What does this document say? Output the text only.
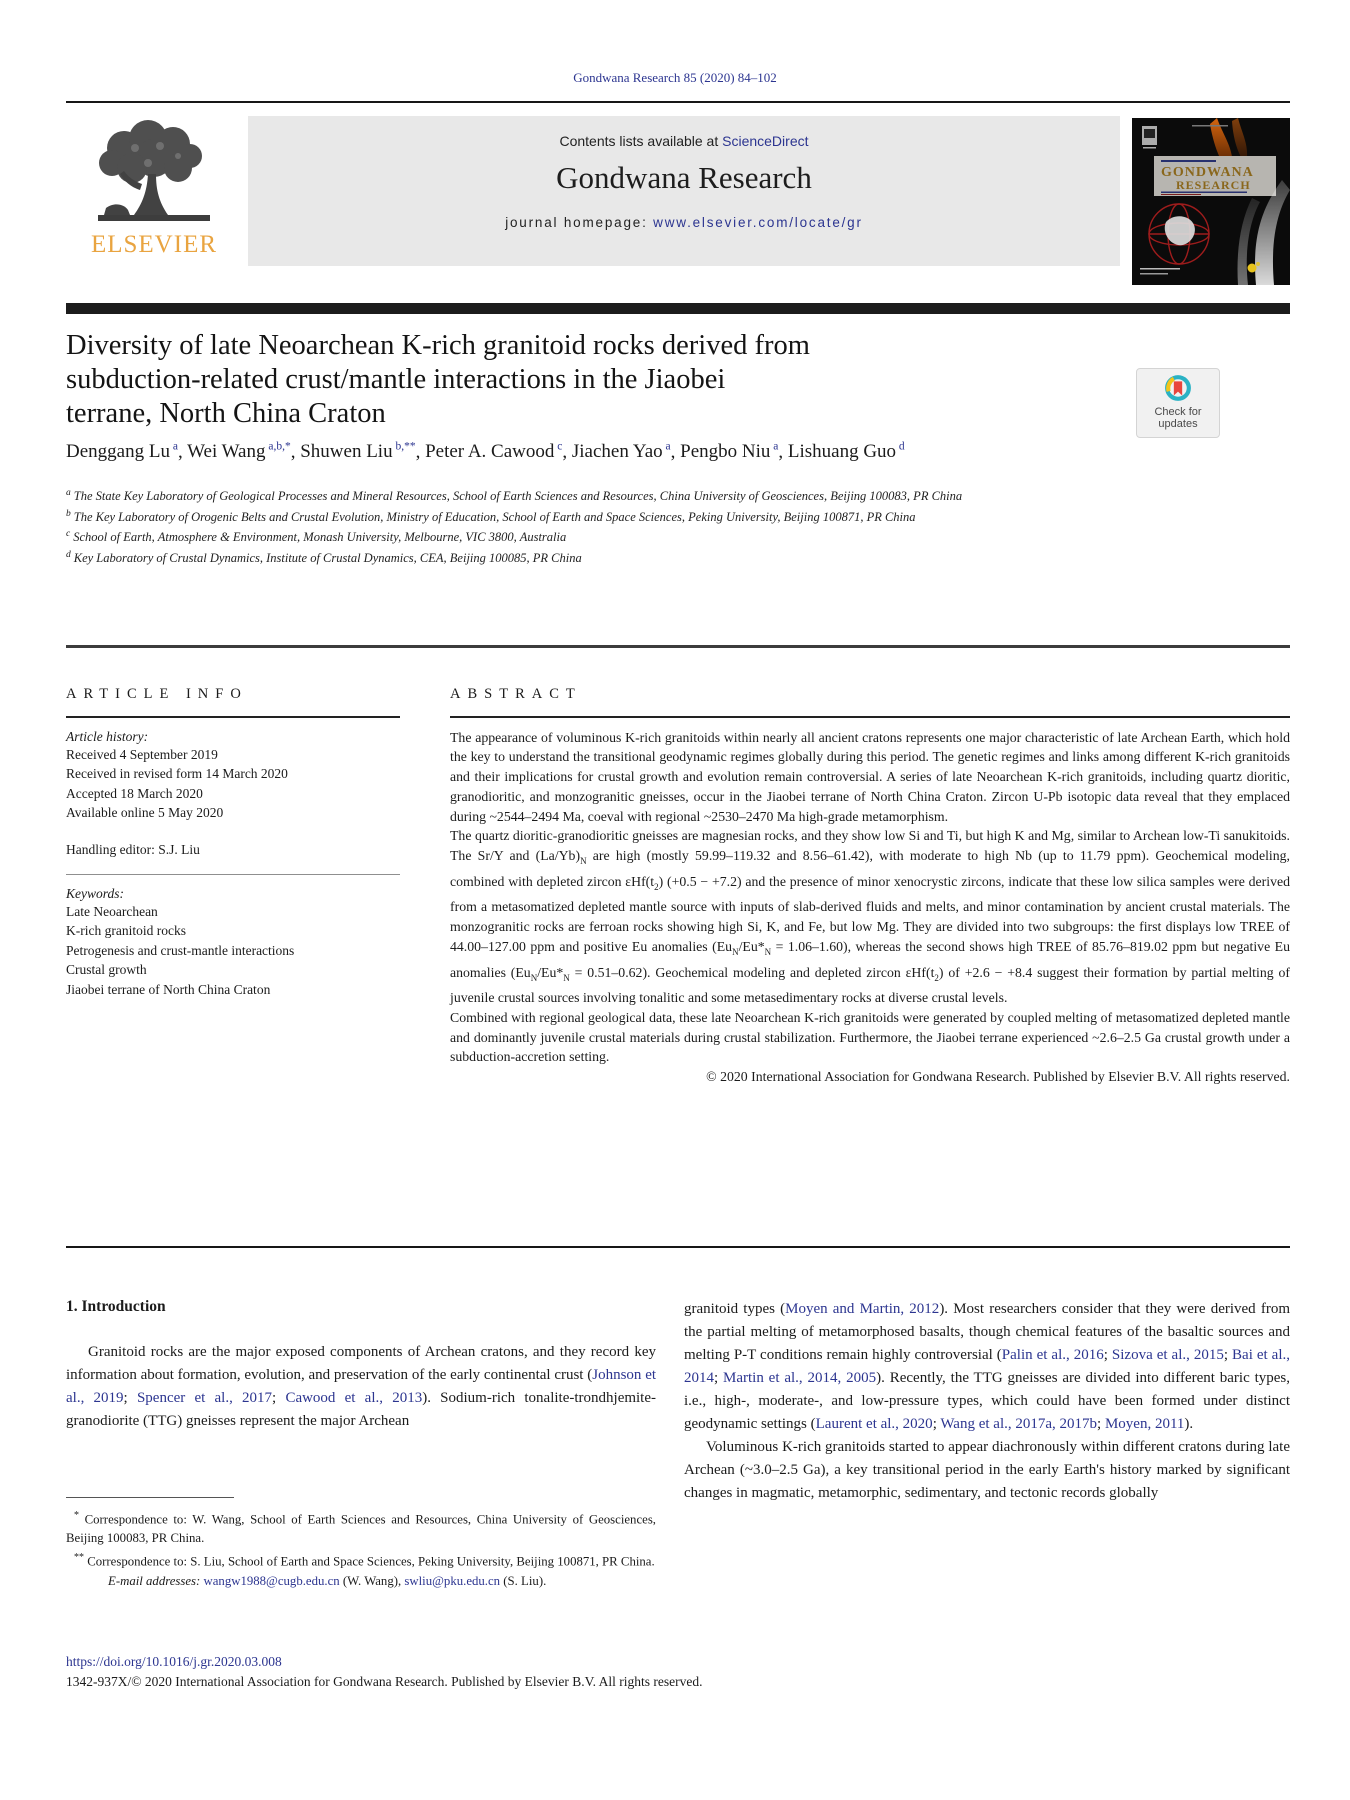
Gondwana Research 85 (2020) 84–102
ELSEVIER
Contents lists available at ScienceDirect
Gondwana Research
journal homepage: www.elsevier.com/locate/gr
GONDWANA
RESEARCH
Diversity of late Neoarchean K-rich granitoid rocks derived from
subduction-related crust/mantle interactions in the Jiaobei
terrane, North China Craton	Check for
updates
Denggang Lu $^a$, Wei Wang $^{a,b,*}$, Shuwen Liu $^{b,**}$, Peter A. Cawood $^c$, Jiachen Yao $^a$, Pengbo Niu $^a$, Lishuang Guo $^d$
$^a$ The State Key Laboratory of Geological Processes and Mineral Resources, School of Earth Sciences and Resources, China University of Geosciences, Beijing 100083, PR China
$^b$ The Key Laboratory of Orogenic Belts and Crustal Evolution, Ministry of Education, School of Earth and Space Sciences, Peking University, Beijing 100871, PR China
$^c$ School of Earth, Atmosphere & Environment, Monash University, Melbourne, VIC 3800, Australia
$^d$ Key Laboratory of Crustal Dynamics, Institute of Crustal Dynamics, CEA, Beijing 100085, PR China
ARTICLE INFO
Article history:
Received 4 September 2019
Received in revised form 14 March 2020
Accepted 18 March 2020
Available online 5 May 2020
Handling editor: S.J. Liu
Keywords:
Late Neoarchean
K-rich granitoid rocks
Petrogenesis and crust-mantle interactions
Crustal growth
Jiaobei terrane of North China Craton
ABSTRACT

The appearance of voluminous K-rich granitoids within nearly all ancient cratons represents one major characteristic of late Archean Earth, which hold the key to understand the transitional geodynamic regimes globally during this period. The genetic regimes and links among different K-rich granitoids and their implications for crustal growth and evolution remain controversial. A series of late Neoarchean K-rich granitoids, including quartz dioritic, granodioritic, and monzogranitic gneisses, occur in the Jiaobei terrane of North China Craton. Zircon U-Pb isotopic data reveal that they emplaced during ~2544–2494 Ma, coeval with regional ~2530–2470 Ma high-grade metamorphism.

The quartz dioritic-granodioritic gneisses are magnesian rocks, and they show low Si and Ti, but high K and Mg, similar to Archean low-Ti sanukitoids. The Sr/Y and $(La/Yb)_N$ are high (mostly 59.99–119.32 and 8.56–61.42), with moderate to high Nb (up to 11.79 ppm). Geochemical modeling, combined with depleted zircon $\varepsilon Hf(t_2) (+0.5 - +7.2)$ and the presence of minor xenocrystic zircons, indicate that these low silica samples were derived from a metasomatized depleted mantle source with inputs of slab-derived fluids and melts, and minor contamination by ancient crustal materials. The monzogranitic rocks are ferroan rocks showing high Si, K, and Fe, but low Mg. They are divided into two subgroups: the first displays low TREE of 44.00–127.00 ppm and positive Eu anomalies $(Eu_N/Eu*_N = 1.06-1.60)$, whereas the second shows high TREE of 85.76–819.02 ppm but negative Eu anomalies $(Eu_N/Eu*_N = 0.51-0.62)$. Geochemical modeling and depleted zircon $\varepsilon Hf(t_2)$ of +2.6 − +8.4 suggest their formation by partial melting of juvenile crustal sources involving tonalitic and some metasedimentary rocks at diverse crustal levels.

Combined with regional geological data, these late Neoarchean K-rich granitoids were generated by coupled melting of metasomatized depleted mantle and dominantly juvenile crustal materials during crustal stabilization. Furthermore, the Jiaobei terrane experienced ~2.6–2.5 Ga crustal growth under a subduction-accretion setting.

© 2020 International Association for Gondwana Research. Published by Elsevier B.V. All rights reserved.
1. Introduction

Granitoid rocks are the major exposed components of Archean cratons, and they record key information about formation, evolution, and preservation of the early continental crust (Johnson et al., 2019; Spencer et al., 2017; Cawood et al., 2013). Sodium-rich tonalite-trondhjemite-granodiorite (TTG) gneisses represent the major Archean

granitoid types (Moyen and Martin, 2012). Most researchers consider that they were derived from the partial melting of metamorphosed basalts, though chemical features of the basaltic sources and melting P-T conditions remain highly controversial (Palin et al., 2016; Sizova et al., 2015; Bai et al., 2014; Martin et al., 2014, 2005). Recently, the TTG gneisses are divided into different baric types, i.e., high-, moderate-, and low-pressure types, which could have been formed under distinct geodynamic settings (Laurent et al., 2020; Wang et al., 2017a, 2017b; Moyen, 2011).

Voluminous K-rich granitoids started to appear diachronously within different cratons during late Archean (~3.0–2.5 Ga), a key transitional period in the early Earth's history marked by significant changes in magmatic, metamorphic, sedimentary, and tectonic records globally

* Correspondence to: W. Wang, School of Earth Sciences and Resources, China University of Geosciences, Beijing 100083, PR China.

** Correspondence to: S. Liu, School of Earth and Space Sciences, Peking University, Beijing 100871, PR China.

E-mail addresses: wangw1988@cugb.edu.cn (W. Wang), swliu@pku.edu.cn (S. Liu).

https://doi.org/10.1016/j.gr.2020.03.008
1342-937X/© 2020 International Association for Gondwana Research. Published by Elsevier B.V. All rights reserved.
